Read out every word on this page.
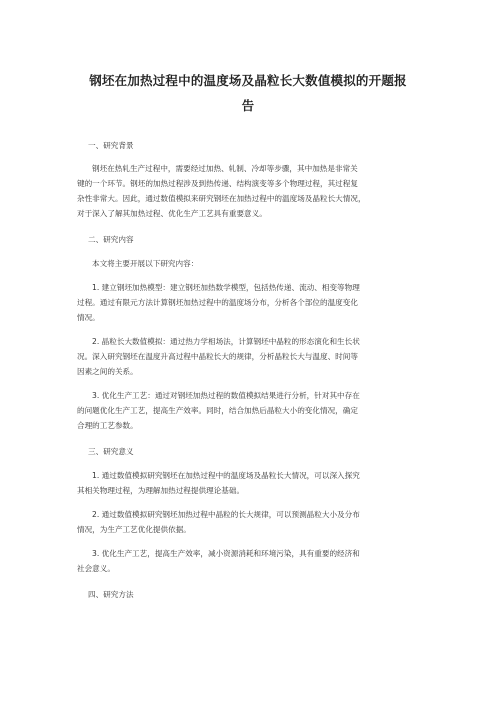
钢坯在加热过程中的温度场及晶粒长大数值模拟的开题报
告
一、研究背景
钢坯在热轧生产过程中，需要经过加热、轧制、冷却等步骤，其中加热是非常关
键的一个环节。钢坯的加热过程涉及到热传递、结构演变等多个物理过程，其过程复
杂性非常大。因此，通过数值模拟来研究钢坯在加热过程中的温度场及晶粒长大情况，
对于深入了解其加热过程、优化生产工艺具有重要意义。
二、研究内容
本文将主要开展以下研究内容：
1. 建立钢坯加热模型：建立钢坯加热数学模型，包括热传递、流动、相变等物理
过程。通过有限元方法计算钢坯加热过程中的温度场分布，分析各个部位的温度变化
情况。
2. 晶粒长大数值模拟：通过热力学相场法，计算钢坯中晶粒的形态演化和生长状
况。深入研究钢坯在温度升高过程中晶粒长大的规律，分析晶粒长大与温度、时间等
因素之间的关系。
3. 优化生产工艺：通过对钢坯加热过程的数值模拟结果进行分析，针对其中存在
的问题优化生产工艺，提高生产效率。同时，结合加热后晶粒大小的变化情况，确定
合理的工艺参数。
三、研究意义
1. 通过数值模拟研究钢坯在加热过程中的温度场及晶粒长大情况，可以深入探究
其相关物理过程，为理解加热过程提供理论基础。
2. 通过数值模拟研究钢坯加热过程中晶粒的长大规律，可以预测晶粒大小及分布
情况，为生产工艺优化提供依据。
3. 优化生产工艺，提高生产效率，减小资源消耗和环境污染，具有重要的经济和
社会意义。
四、研究方法
